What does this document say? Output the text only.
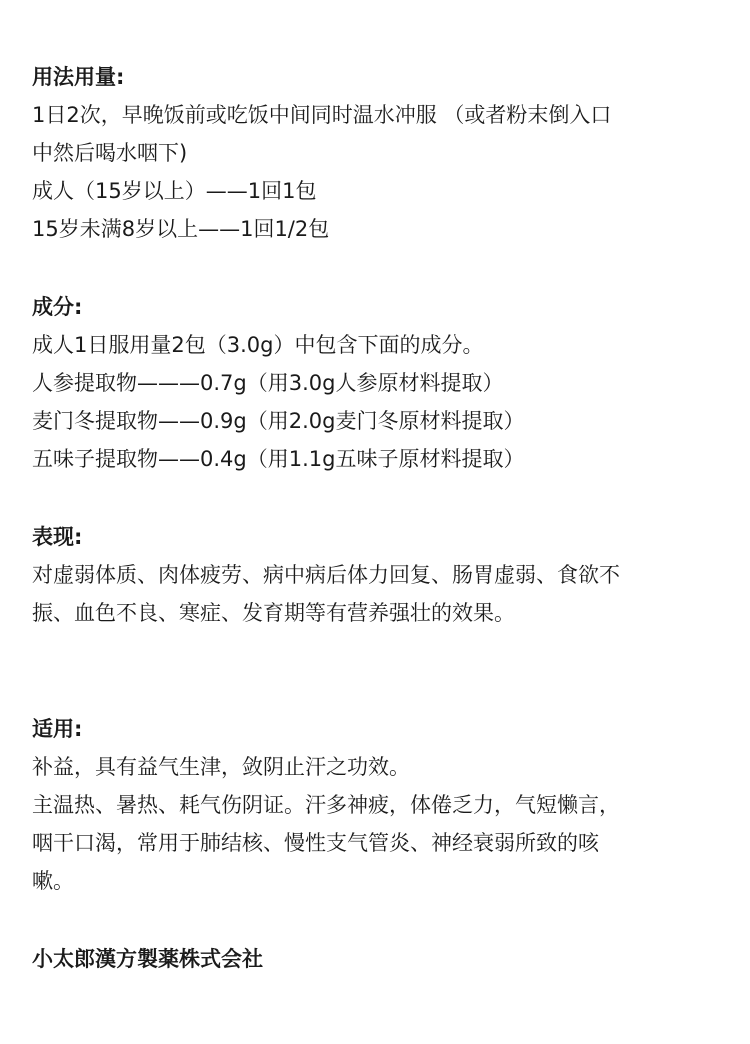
用法用量:

1日2次，早晚饭前或吃饭中间同时温水冲服 （或者粉末倒入口

中然后喝水咽下)

成人（15岁以上）——1回1包

15岁未满8岁以上——1回1/2包

成分:

成人1日服用量2包（3.0g）中包含下面的成分。

人参提取物———0.7g（用3.0g人参原材料提取）

麦门冬提取物——0.9g（用2.0g麦门冬原材料提取）

五味子提取物——0.4g（用1.1g五味子原材料提取）

表现:

对虚弱体质、肉体疲劳、病中病后体力回复、肠胃虚弱、食欲不

振、血色不良、寒症、发育期等有营养强壮的效果。

适用:

补益，具有益气生津，敛阴止汗之功效。

主温热、暑热、耗气伤阴证。汗多神疲，体倦乏力，气短懒言，

咽干口渴，常用于肺结核、慢性支气管炎、神经衰弱所致的咳

嗽。

小太郎漢方製薬株式会社
